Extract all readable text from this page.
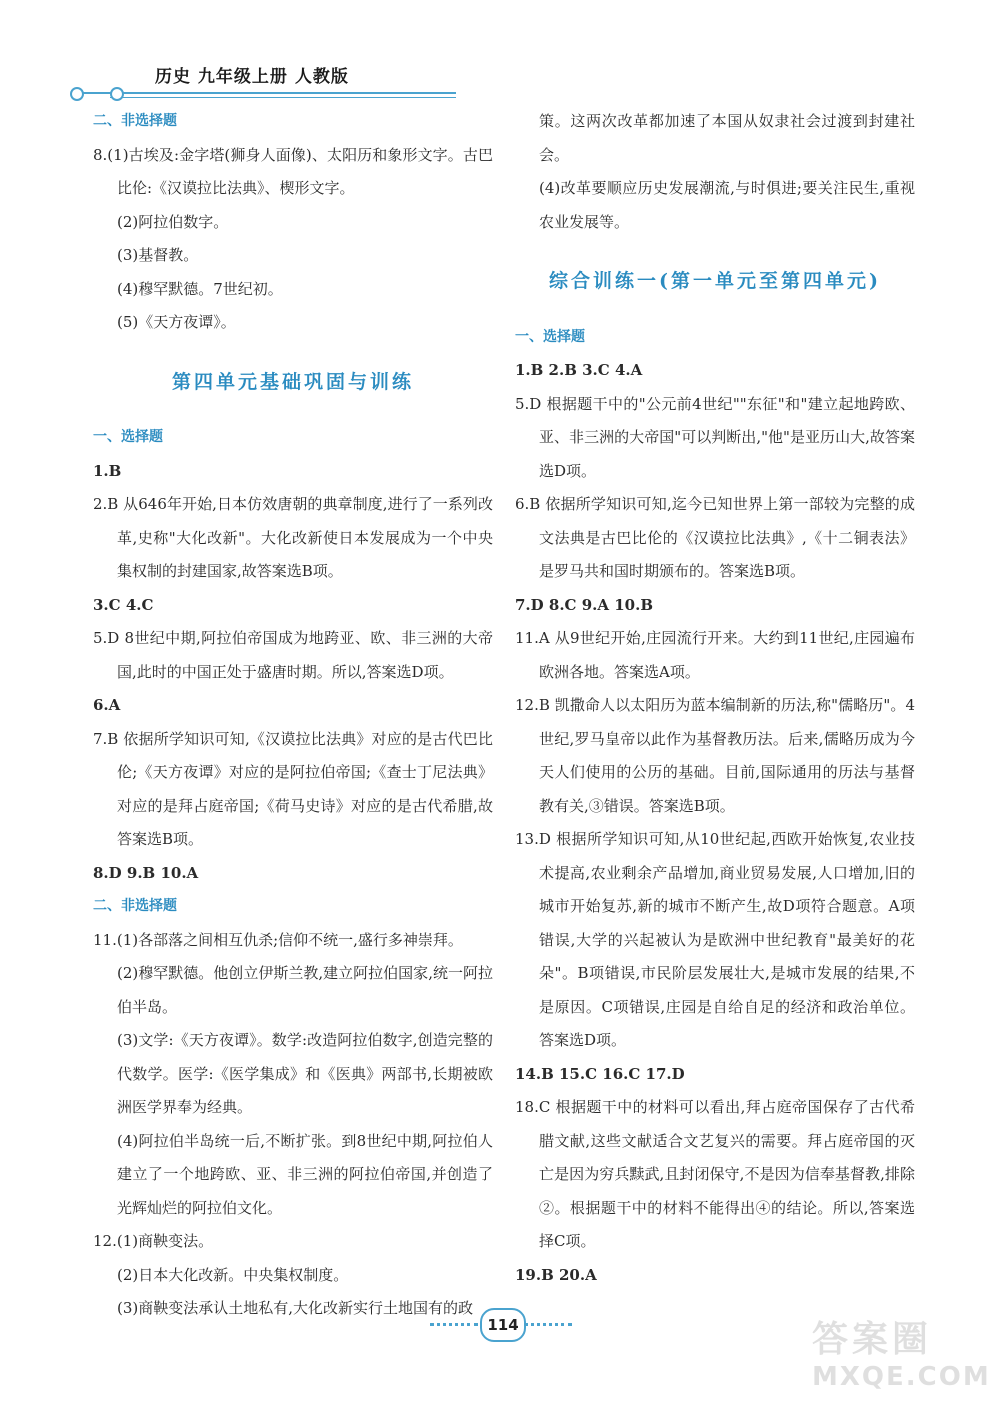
历史 九年级上册 人教版
二、非选择题
8.(1)古埃及:金字塔(狮身人面像)、太阳历和象形文字。古巴比伦:《汉谟拉比法典》、楔形文字。
(2)阿拉伯数字。
(3)基督教。
(4)穆罕默德。7世纪初。
(5)《天方夜谭》。
第四单元基础巩固与训练
一、选择题
1.B
2.B 从646年开始,日本仿效唐朝的典章制度,进行了一系列改革,史称"大化改新"。大化改新使日本发展成为一个中央集权制的封建国家,故答案选B项。
3.C 4.C
5.D 8世纪中期,阿拉伯帝国成为地跨亚、欧、非三洲的大帝国,此时的中国正处于盛唐时期。所以,答案选D项。
6.A
7.B 依据所学知识可知,《汉谟拉比法典》对应的是古代巴比伦;《天方夜谭》对应的是阿拉伯帝国;《查士丁尼法典》对应的是拜占庭帝国;《荷马史诗》对应的是古代希腊,故答案选B项。
8.D 9.B 10.A
二、非选择题
11.(1)各部落之间相互仇杀;信仰不统一,盛行多神崇拜。
(2)穆罕默德。他创立伊斯兰教,建立阿拉伯国家,统一阿拉伯半岛。
(3)文学:《天方夜谭》。数学:改造阿拉伯数字,创造完整的代数学。医学:《医学集成》和《医典》两部书,长期被欧洲医学界奉为经典。
(4)阿拉伯半岛统一后,不断扩张。到8世纪中期,阿拉伯人建立了一个地跨欧、亚、非三洲的阿拉伯帝国,并创造了光辉灿烂的阿拉伯文化。
12.(1)商鞅变法。
(2)日本大化改新。中央集权制度。
(3)商鞅变法承认土地私有,大化改新实行土地国有的政
策。这两次改革都加速了本国从奴隶社会过渡到封建社会。
(4)改革要顺应历史发展潮流,与时俱进;要关注民生,重视农业发展等。
综合训练一(第一单元至第四单元)
一、选择题
1.B 2.B 3.C 4.A
5.D 根据题干中的"公元前4世纪""东征"和"建立起地跨欧、亚、非三洲的大帝国"可以判断出,"他"是亚历山大,故答案选D项。
6.B 依据所学知识可知,迄今已知世界上第一部较为完整的成文法典是古巴比伦的《汉谟拉比法典》,《十二铜表法》是罗马共和国时期颁布的。答案选B项。
7.D 8.C 9.A 10.B
11.A 从9世纪开始,庄园流行开来。大约到11世纪,庄园遍布欧洲各地。答案选A项。
12.B 凯撒命人以太阳历为蓝本编制新的历法,称"儒略历"。4世纪,罗马皇帝以此作为基督教历法。后来,儒略历成为今天人们使用的公历的基础。目前,国际通用的历法与基督教有关,③错误。答案选B项。
13.D 根据所学知识可知,从10世纪起,西欧开始恢复,农业技术提高,农业剩余产品增加,商业贸易发展,人口增加,旧的城市开始复苏,新的城市不断产生,故D项符合题意。A项错误,大学的兴起被认为是欧洲中世纪教育"最美好的花朵"。B项错误,市民阶层发展壮大,是城市发展的结果,不是原因。C项错误,庄园是自给自足的经济和政治单位。答案选D项。
14.B 15.C 16.C 17.D
18.C 根据题干中的材料可以看出,拜占庭帝国保存了古代希腊文献,这些文献适合文艺复兴的需要。拜占庭帝国的灭亡是因为穷兵黩武,且封闭保守,不是因为信奉基督教,排除②。根据题干中的材料不能得出④的结论。所以,答案选择C项。
19.B 20.A
114	答案圈
MXQE.COM
